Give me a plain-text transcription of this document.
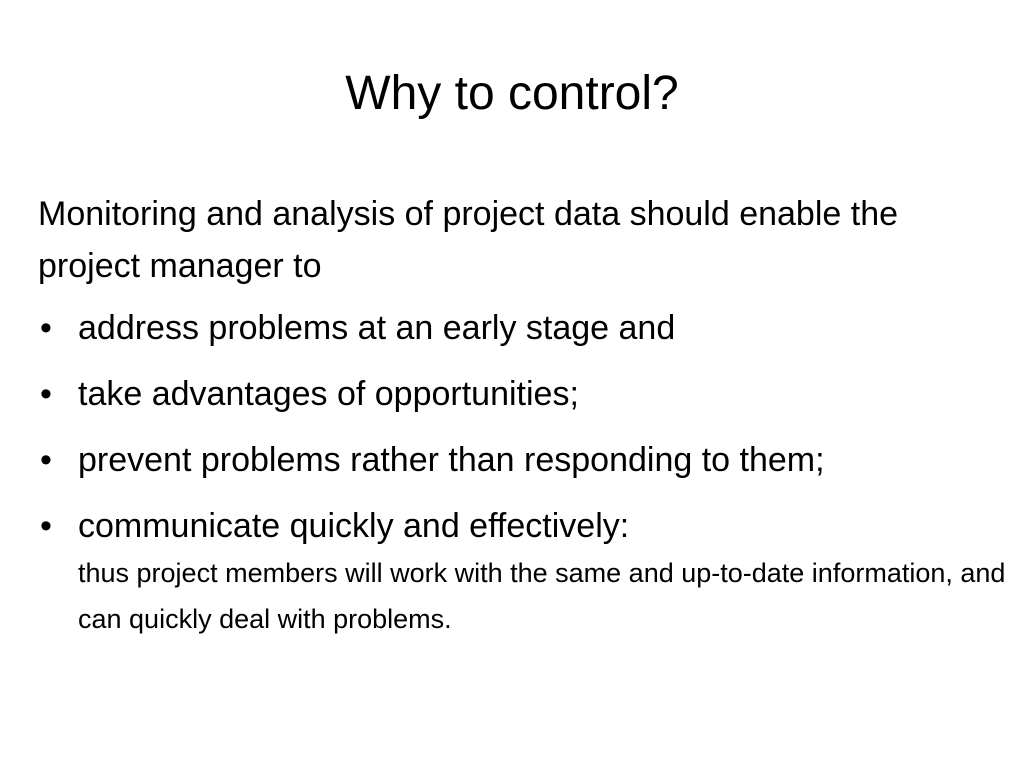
Why to control?

Monitoring and analysis of project data should enable the project manager to

• address problems at an early stage and
• take advantages of opportunities;
• prevent problems rather than responding to them;
• communicate quickly and effectively:
thus project members will work with the same and up-to-date information, and can quickly deal with problems.
